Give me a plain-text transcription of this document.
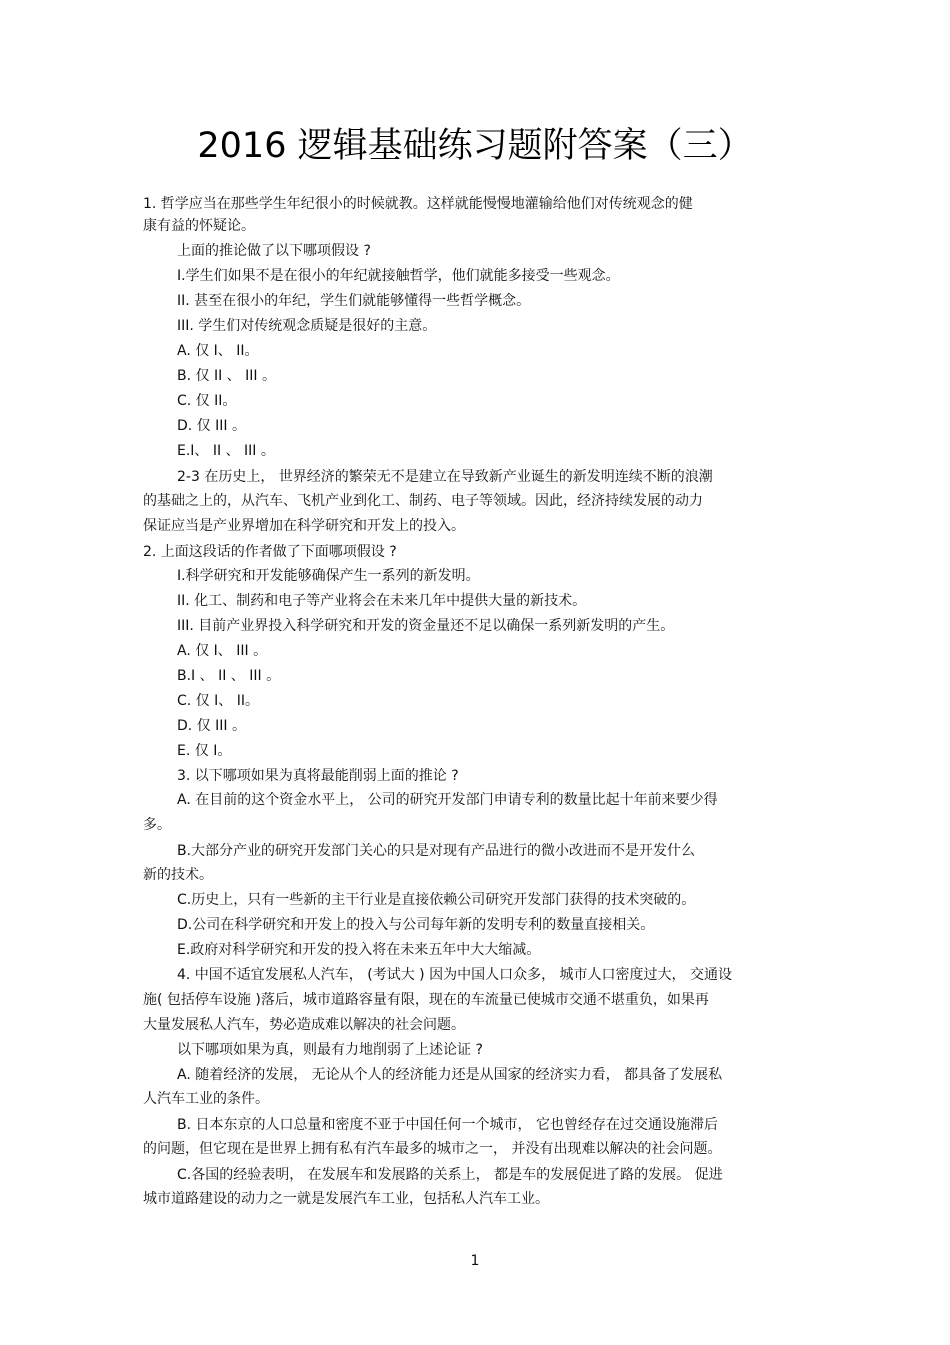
2016 逻辑基础练习题附答案（三）
1. 哲学应当在那些学生年纪很小的时候就教。这样就能慢慢地灌输给他们对传统观念的健
康有益的怀疑论。
上面的推论做了以下哪项假设 ?
I.学生们如果不是在很小的年纪就接触哲学，他们就能多接受一些观念。
II. 甚至在很小的年纪，学生们就能够懂得一些哲学概念。
III. 学生们对传统观念质疑是很好的主意。
A. 仅 I、 II。
B. 仅 II 、 III 。
C. 仅 II。
D. 仅 III 。
E.I、 II 、 III 。
2-3 在历史上， 世界经济的繁荣无不是建立在导致新产业诞生的新发明连续不断的浪潮
的基础之上的，从汽车、飞机产业到化工、制药、电子等领域。因此，经济持续发展的动力
保证应当是产业界增加在科学研究和开发上的投入。
2. 上面这段话的作者做了下面哪项假设 ?
I.科学研究和开发能够确保产生一系列的新发明。
II. 化工、制药和电子等产业将会在未来几年中提供大量的新技术。
III. 目前产业界投入科学研究和开发的资金量还不足以确保一系列新发明的产生。
A. 仅 I、 III 。
B.I 、 II 、 III 。
C. 仅 I、 II。
D. 仅 III 。
E. 仅 I。
3. 以下哪项如果为真将最能削弱上面的推论 ?
A. 在目前的这个资金水平上， 公司的研究开发部门申请专利的数量比起十年前来要少得
多。
B.大部分产业的研究开发部门关心的只是对现有产品进行的微小改进而不是开发什么
新的技术。
C.历史上，只有一些新的主干行业是直接依赖公司研究开发部门获得的技术突破的。
D.公司在科学研究和开发上的投入与公司每年新的发明专利的数量直接相关。
E.政府对科学研究和开发的投入将在未来五年中大大缩减。
4. 中国不适宜发展私人汽车， (考试大 ) 因为中国人口众多， 城市人口密度过大， 交通设
施( 包括停车设施 )落后，城市道路容量有限，现在的车流量已使城市交通不堪重负，如果再
大量发展私人汽车，势必造成难以解决的社会问题。
以下哪项如果为真，则最有力地削弱了上述论证 ?
A. 随着经济的发展， 无论从个人的经济能力还是从国家的经济实力看， 都具备了发展私
人汽车工业的条件。
B. 日本东京的人口总量和密度不亚于中国任何一个城市， 它也曾经存在过交通设施滞后
的问题，但它现在是世界上拥有私有汽车最多的城市之一， 并没有出现难以解决的社会问题。
C.各国的经验表明， 在发展车和发展路的关系上， 都是车的发展促进了路的发展。 促进
城市道路建设的动力之一就是发展汽车工业，包括私人汽车工业。
1
